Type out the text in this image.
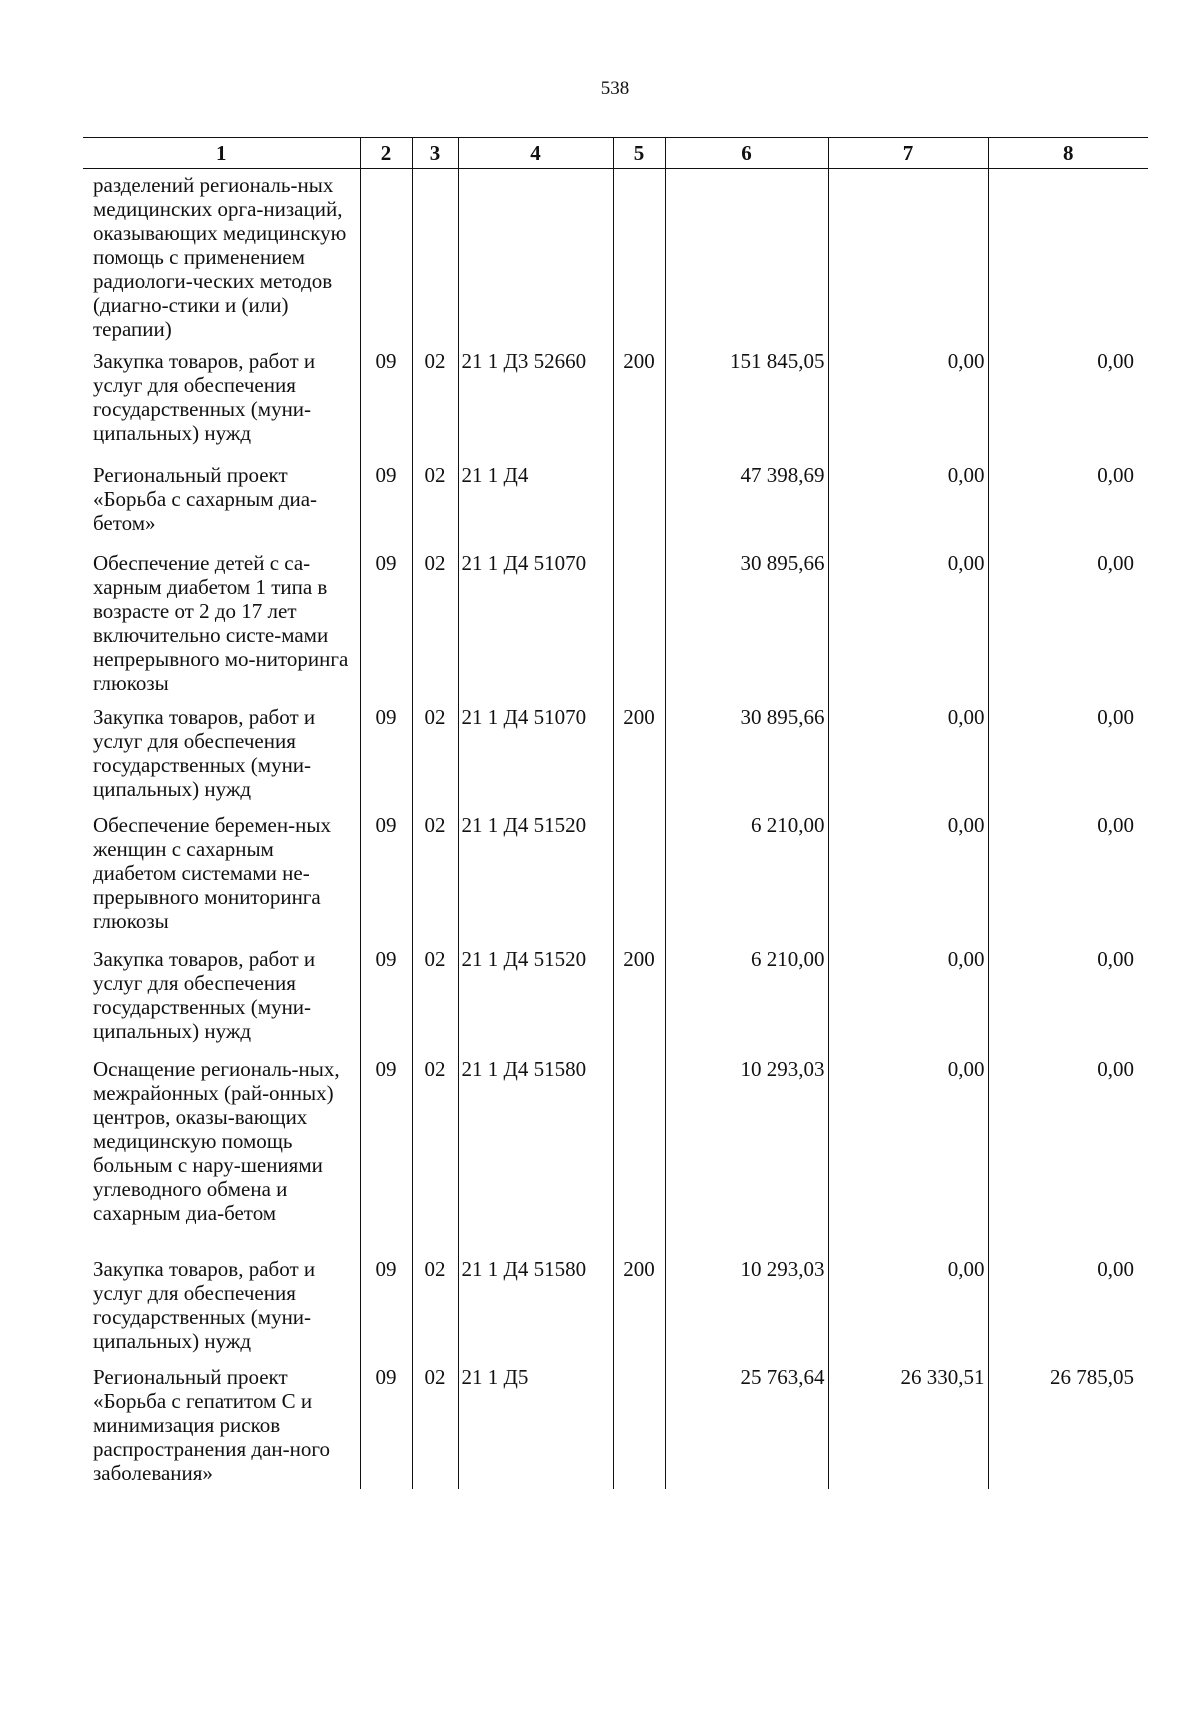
538
1	2	3	4	5	6	7	8
разделений региональ-ных медицинских орга-низаций, оказывающих медицинскую помощь с применением радиологи-ческих методов (диагно-стики и (или) терапии)							
Закупка товаров, работ и услуг для обеспечения государственных (муни-ципальных) нужд	09	02	21 1 Д3 52660	200	151 845,05	0,00	0,00
Региональный проект «Борьба с сахарным диа-бетом»	09	02	21 1 Д4		47 398,69	0,00	0,00
Обеспечение детей с са-харным диабетом 1 типа в возрасте от 2 до 17 лет включительно систе-мами непрерывного мо-ниторинга глюкозы	09	02	21 1 Д4 51070		30 895,66	0,00	0,00
Закупка товаров, работ и услуг для обеспечения государственных (муни-ципальных) нужд	09	02	21 1 Д4 51070	200	30 895,66	0,00	0,00
Обеспечение беремен-ных женщин с сахарным диабетом системами не-прерывного мониторинга глюкозы	09	02	21 1 Д4 51520		6 210,00	0,00	0,00
Закупка товаров, работ и услуг для обеспечения государственных (муни-ципальных) нужд	09	02	21 1 Д4 51520	200	6 210,00	0,00	0,00
Оснащение региональ-ных, межрайонных (рай-онных) центров, оказы-вающих медицинскую помощь больным с нару-шениями углеводного обмена и сахарным диа-бетом	09	02	21 1 Д4 51580		10 293,03	0,00	0,00
Закупка товаров, работ и услуг для обеспечения государственных (муни-ципальных) нужд	09	02	21 1 Д4 51580	200	10 293,03	0,00	0,00
Региональный проект «Борьба с гепатитом С и минимизация рисков распространения дан-ного заболевания»	09	02	21 1 Д5		25 763,64	26 330,51	26 785,05
